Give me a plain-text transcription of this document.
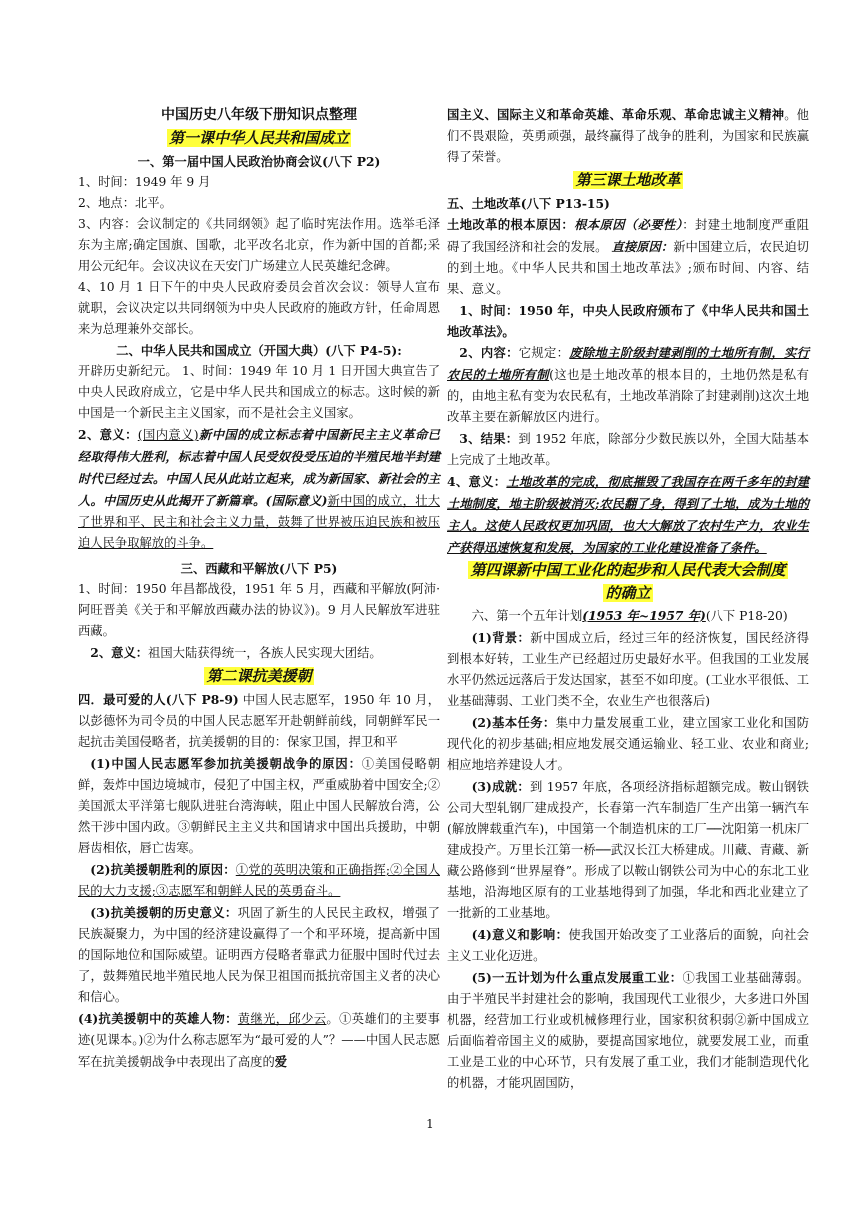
中国历史八年级下册知识点整理

第一课中华人民共和国成立

一、第一届中国人民政治协商会议(八下 P2)

1、时间：1949 年 9 月

2、地点：北平。

3、内容：会议制定的《共同纲领》起了临时宪法作用。选举毛泽东为主席;确定国旗、国歌，北平改名北京，作为新中国的首都;采用公元纪年。会议决议在天安门广场建立人民英雄纪念碑。

4、10 月 1 日下午的中央人民政府委员会首次会议：领导人宣布就职，会议决定以共同纲领为中央人民政府的施政方针，任命周恩来为总理兼外交部长。

二、中华人民共和国成立（开国大典）(八下 P4-5):

开辟历史新纪元。 1、时间：1949 年 10 月 1 日开国大典宣告了中央人民政府成立，它是中华人民共和国成立的标志。这时候的新中国是一个新民主主义国家，而不是社会主义国家。

2、意义：(国内意义)新中国的成立标志着中国新民主主义革命已经取得伟大胜利，标志着中国人民受奴役受压迫的半殖民地半封建时代已经过去。中国人民从此站立起来，成为新国家、新社会的主人。中国历史从此揭开了新篇章。(国际意义)新中国的成立，壮大了世界和平、民主和社会主义力量，鼓舞了世界被压迫民族和被压迫人民争取解放的斗争。

三、西藏和平解放(八下 P5)

1、时间：1950 年昌都战役，1951 年 5 月，西藏和平解放(阿沛·阿旺晋美《关于和平解放西藏办法的协议》)。9 月人民解放军进驻西藏。

2、意义：祖国大陆获得统一，各族人民实现大团结。

第二课抗美援朝

四．最可爱的人(八下 P8-9) 中国人民志愿军，1950 年 10 月，以彭德怀为司令员的中国人民志愿军开赴朝鲜前线，同朝鲜军民一起抗击美国侵略者，抗美援朝的目的：保家卫国，捍卫和平

(1)中国人民志愿军参加抗美援朝战争的原因：①美国侵略朝鲜，轰炸中国边境城市，侵犯了中国主权，严重威胁着中国安全;②美国派太平洋第七舰队进驻台湾海峡，阻止中国人民解放台湾，公然干涉中国内政。③朝鲜民主主义共和国请求中国出兵援助，中朝唇齿相依，唇亡齿寒。

(2)抗美援朝胜利的原因：①党的英明决策和正确指挥;②全国人民的大力支援;③志愿军和朝鲜人民的英勇奋斗。

(3)抗美援朝的历史意义：巩固了新生的人民民主政权，增强了民族凝聚力，为中国的经济建设赢得了一个和平环境，提高新中国的国际地位和国际威望。证明西方侵略者靠武力征服中国时代过去了，鼓舞殖民地半殖民地人民为保卫祖国而抵抗帝国主义者的决心和信心。

(4)抗美援朝中的英雄人物：黄继光，邱少云。①英雄们的主要事迹(见课本。)②为什么称志愿军为“最可爱的人”？——中国人民志愿军在抗美援朝战争中表现出了高度的爱

国主义、国际主义和革命英雄、革命乐观、革命忠诚主义精神。他们不畏艰险，英勇顽强，最终赢得了战争的胜利，为国家和民族赢得了荣誉。

第三课土地改革

五、土地改革(八下 P13-15)

土地改革的根本原因：根本原因（必要性）：封建土地制度严重阻碍了我国经济和社会的发展。 直接原因：新中国建立后，农民迫切的到土地。《中华人民共和国土地改革法》;颁布时间、内容、结果、意义。

1、时间：1950 年，中央人民政府颁布了《中华人民共和国土地改革法》。

2、内容：它规定：废除地主阶级封建剥削的土地所有制，实行农民的土地所有制(这也是土地改革的根本目的，土地仍然是私有的，由地主私有变为农民私有，土地改革消除了封建剥削)这次土地改革主要在新解放区内进行。

3、结果：到 1952 年底，除部分少数民族以外，全国大陆基本上完成了土地改革。

4、意义：土地改革的完成，彻底摧毁了我国存在两千多年的封建土地制度，地主阶级被消灭;农民翻了身，得到了土地，成为土地的主人。这使人民政权更加巩固，也大大解放了农村生产力，农业生产获得迅速恢复和发展，为国家的工业化建设准备了条件。

第四课新中国工业化的起步和人民代表大会制度
的确立

六、第一个五年计划(1953 年~1957 年)(八下 P18-20)

(1)背景：新中国成立后，经过三年的经济恢复，国民经济得到根本好转，工业生产已经超过历史最好水平。但我国的工业发展水平仍然远远落后于发达国家，甚至不如印度。(工业水平很低、工业基础薄弱、工业门类不全，农业生产也很落后)

(2)基本任务：集中力量发展重工业，建立国家工业化和国防现代化的初步基础;相应地发展交通运输业、轻工业、农业和商业;相应地培养建设人才。

(3)成就：到 1957 年底，各项经济指标超额完成。鞍山钢铁公司大型轧钢厂建成投产，长春第一汽车制造厂生产出第一辆汽车(解放牌载重汽车)，中国第一个制造机床的工厂──沈阳第一机床厂建成投产。万里长江第一桥──武汉长江大桥建成。川藏、青藏、新藏公路修到“世界屋脊”。形成了以鞍山钢铁公司为中心的东北工业基地，沿海地区原有的工业基地得到了加强，华北和西北业建立了一批新的工业基地。

(4)意义和影响：使我国开始改变了工业落后的面貌，向社会主义工业化迈进。

(5)一五计划为什么重点发展重工业：①我国工业基础薄弱。由于半殖民半封建社会的影响，我国现代工业很少，大多进口外国机器，经营加工行业或机械修理行业，国家积贫积弱②新中国成立后面临着帝国主义的威胁，要提高国家地位，就要发展工业，而重工业是工业的中心环节，只有发展了重工业，我们才能制造现代化的机器，才能巩固国防，

1
